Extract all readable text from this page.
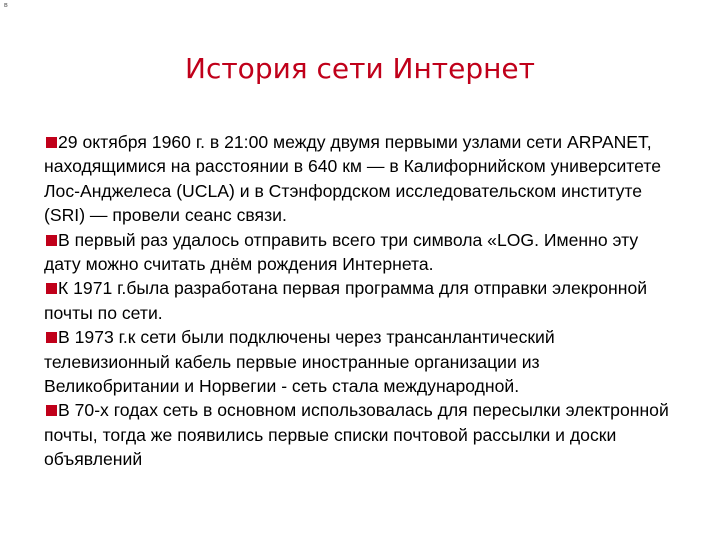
в
История сети Интернет

29 октября 1960 г. в 21:00 между двумя первыми узлами сети ARPANET, находящимися на расстоянии в 640 км — в Калифорнийском университете Лос-Анджелеса (UCLA) и в Стэнфордском исследовательском институте (SRI) — провели сеанс связи.

В первый раз удалось отправить всего три символа «LOG. Именно эту дату можно считать днём рождения Интернета.

К 1971 г.была разработана первая программа для отправки элекронной почты по сети.

В 1973 г.к сети были подключены через трансанлантический телевизионный кабель первые иностранные организации из Великобритании и Норвегии - сеть стала международной.

В 70-х годах сеть в основном использовалась для пересылки электронной почты, тогда же появились первые списки почтовой рассылки и доски объявлений
